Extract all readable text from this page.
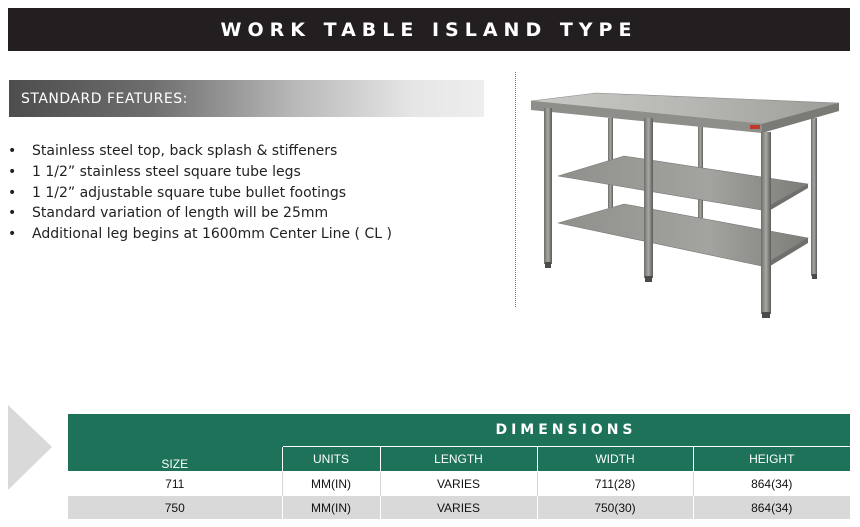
WORK TABLE ISLAND TYPE
STANDARD FEATURES:
•	Stainless steel top, back splash & stiffeners
•	1 1/2” stainless steel square tube legs
•	1 1/2” adjustable square tube bullet footings
•	Standard variation of length will be 25mm
•	Additional leg begins at 1600mm Center Line ( CL )
	DIMENSIONS			
SIZE	UNITS	LENGTH	WIDTH	HEIGHT
711	MM(IN)	VARIES	711(28)	864(34)
750	MM(IN)	VARIES	750(30)	864(34)
